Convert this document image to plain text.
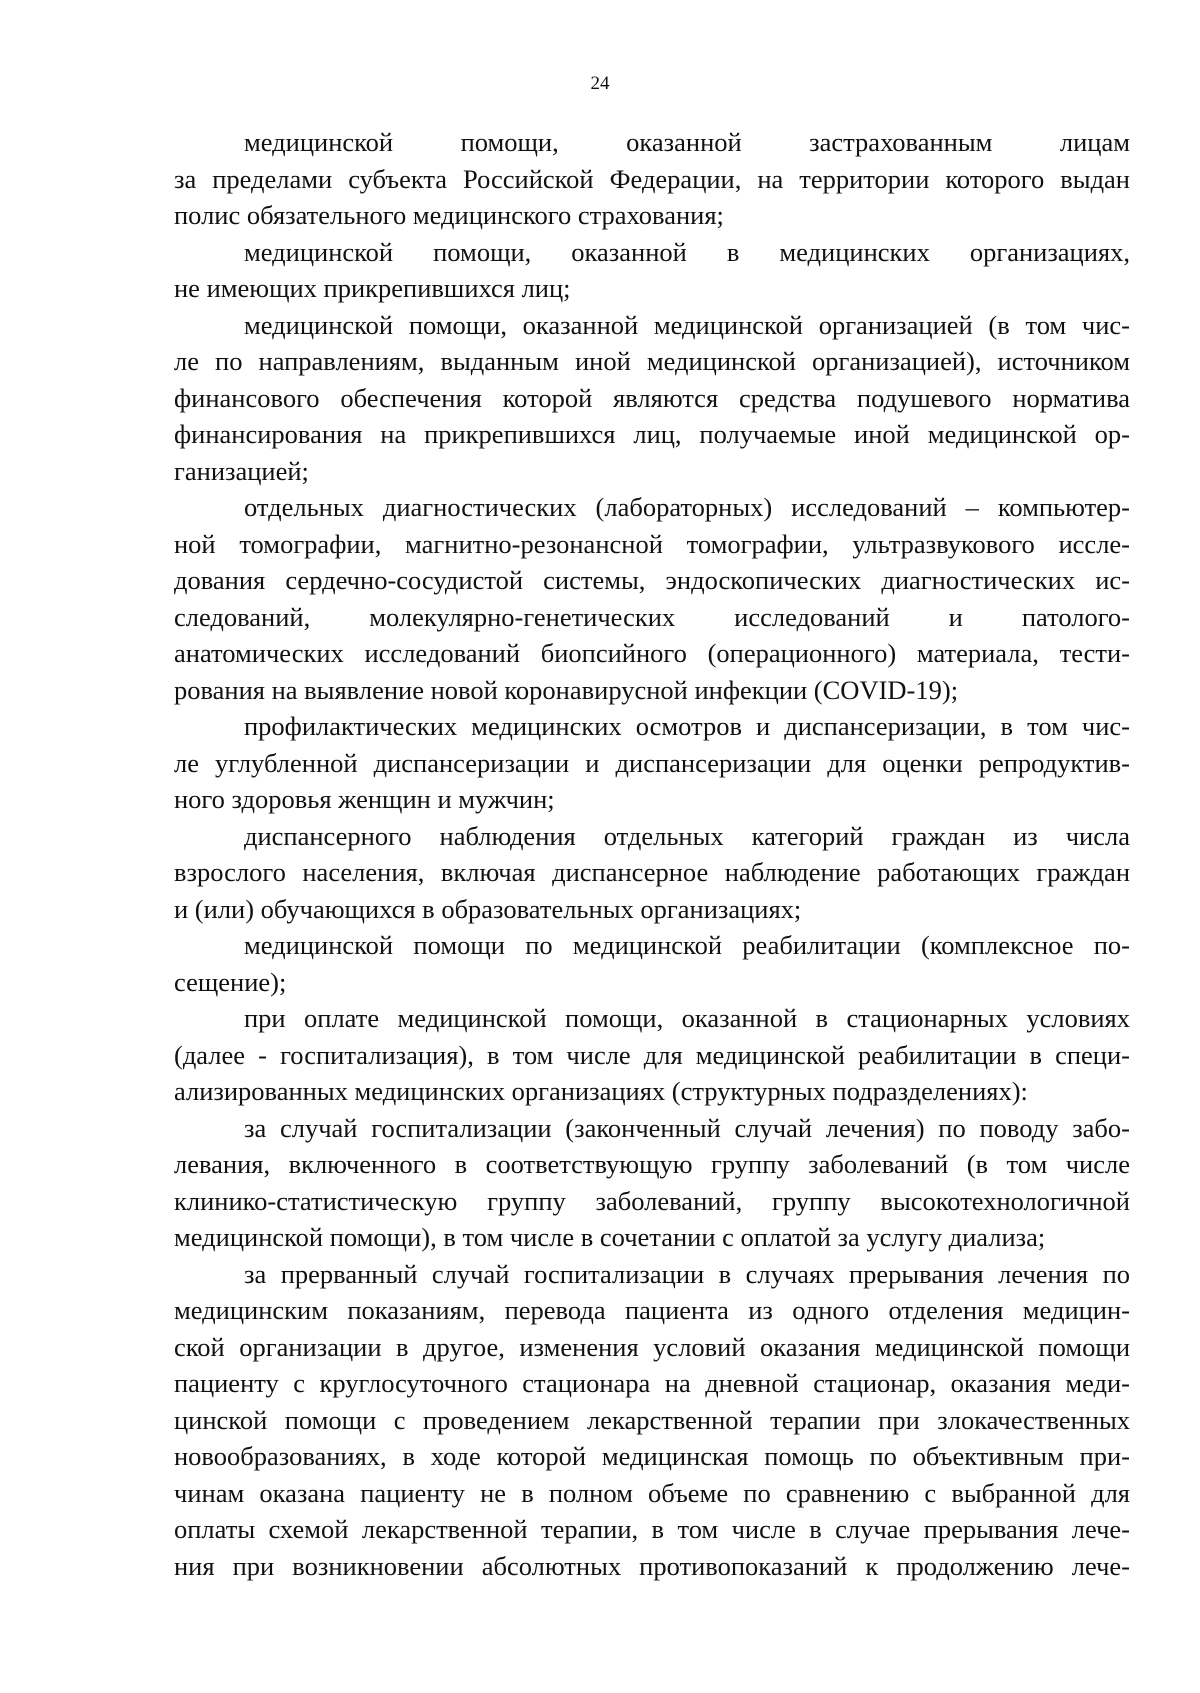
24
медицинской помощи, оказанной застрахованным лицам
за пределами субъекта Российской Федерации, на территории которого выдан
полис обязательного медицинского страхования;
медицинской помощи, оказанной в медицинских организациях,
не имеющих прикрепившихся лиц;
медицинской помощи, оказанной медицинской организацией (в том чис-
ле по направлениям, выданным иной медицинской организацией), источником
финансового обеспечения которой являются средства подушевого норматива
финансирования на прикрепившихся лиц, получаемые иной медицинской ор-
ганизацией;
отдельных диагностических (лабораторных) исследований – компьютер-
ной томографии, магнитно-резонансной томографии, ультразвукового иссле-
дования сердечно-сосудистой системы, эндоскопических диагностических ис-
следований, молекулярно-генетических исследований и патолого-
анатомических исследований биопсийного (операционного) материала, тести-
рования на выявление новой коронавирусной инфекции (COVID-19);
профилактических медицинских осмотров и диспансеризации, в том чис-
ле углубленной диспансеризации и диспансеризации для оценки репродуктив-
ного здоровья женщин и мужчин;
диспансерного наблюдения отдельных категорий граждан из числа
взрослого населения, включая диспансерное наблюдение работающих граждан
и (или) обучающихся в образовательных организациях;
медицинской помощи по медицинской реабилитации (комплексное по-
сещение);
при оплате медицинской помощи, оказанной в стационарных условиях
(далее - госпитализация), в том числе для медицинской реабилитации в специ-
ализированных медицинских организациях (структурных подразделениях):
за случай госпитализации (законченный случай лечения) по поводу забо-
левания, включенного в соответствующую группу заболеваний (в том числе
клинико-статистическую группу заболеваний, группу высокотехнологичной
медицинской помощи), в том числе в сочетании с оплатой за услугу диализа;
за прерванный случай госпитализации в случаях прерывания лечения по
медицинским показаниям, перевода пациента из одного отделения медицин-
ской организации в другое, изменения условий оказания медицинской помощи
пациенту с круглосуточного стационара на дневной стационар, оказания меди-
цинской помощи с проведением лекарственной терапии при злокачественных
новообразованиях, в ходе которой медицинская помощь по объективным при-
чинам оказана пациенту не в полном объеме по сравнению с выбранной для
оплаты схемой лекарственной терапии, в том числе в случае прерывания лече-
ния при возникновении абсолютных противопоказаний к продолжению лече-
